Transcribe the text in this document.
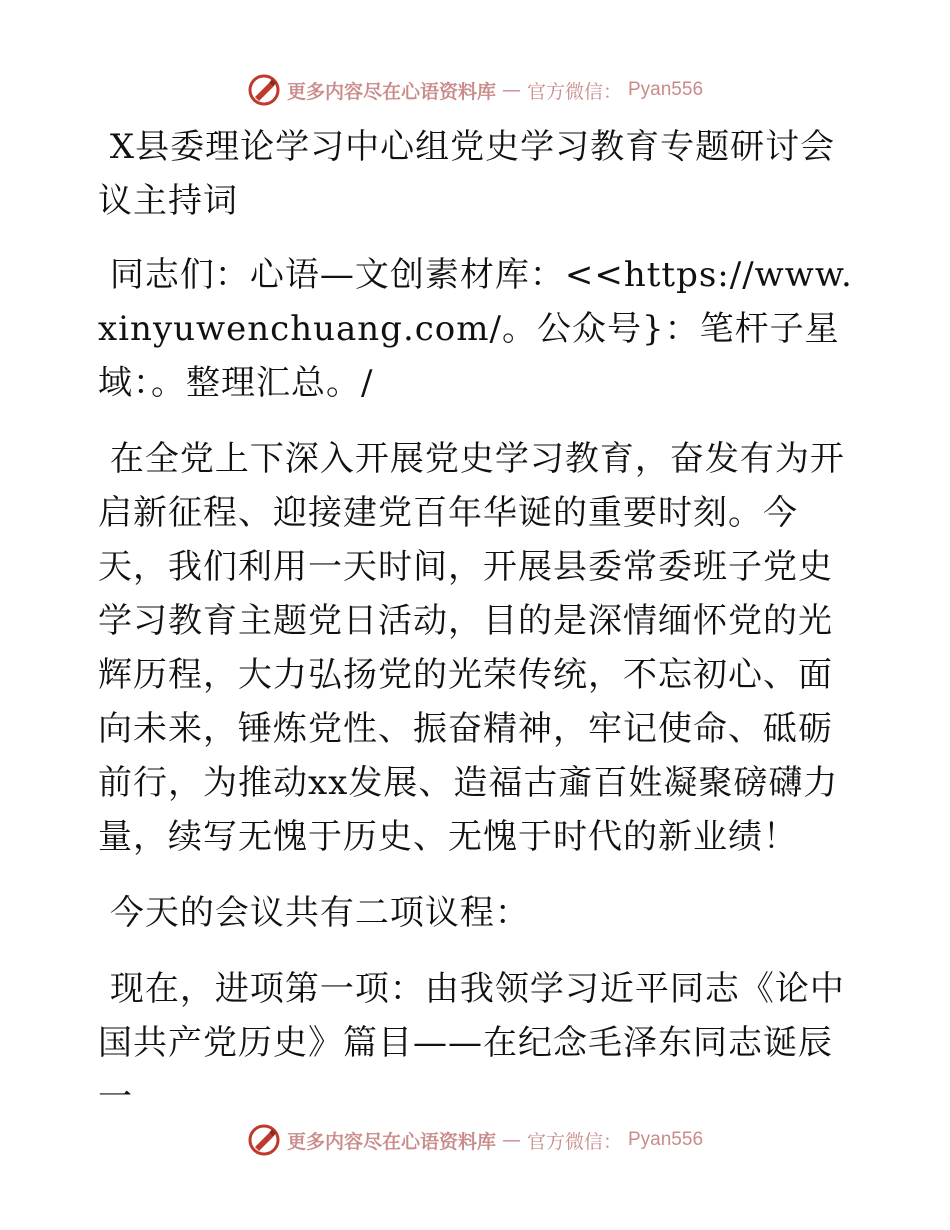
更多内容尽在心语资料库 — 官方微信： Pyan556

X县委理论学习中心组党史学习教育专题研讨会议主持词

同志们：心语—文创素材库：<<https://www.xinyuwenchuang.com/。公众号}：笔杆子星域：。整理汇总。/

在全党上下深入开展党史学习教育，奋发有为开启新征程、迎接建党百年华诞的重要时刻。今天，我们利用一天时间，开展县委常委班子党史学习教育主题党日活动，目的是深情缅怀党的光辉历程，大力弘扬党的光荣传统，不忘初心、面向未来，锤炼党性、振奋精神，牢记使命、砥砺前行，为推动xx发展、造福古齑百姓凝聚磅礴力量，续写无愧于历史、无愧于时代的新业绩！

今天的会议共有二项议程：

现在，进项第一项：由我领学习近平同志《论中国共产党历史》篇目——在纪念毛泽东同志诞辰一

更多内容尽在心语资料库 — 官方微信： Pyan556
